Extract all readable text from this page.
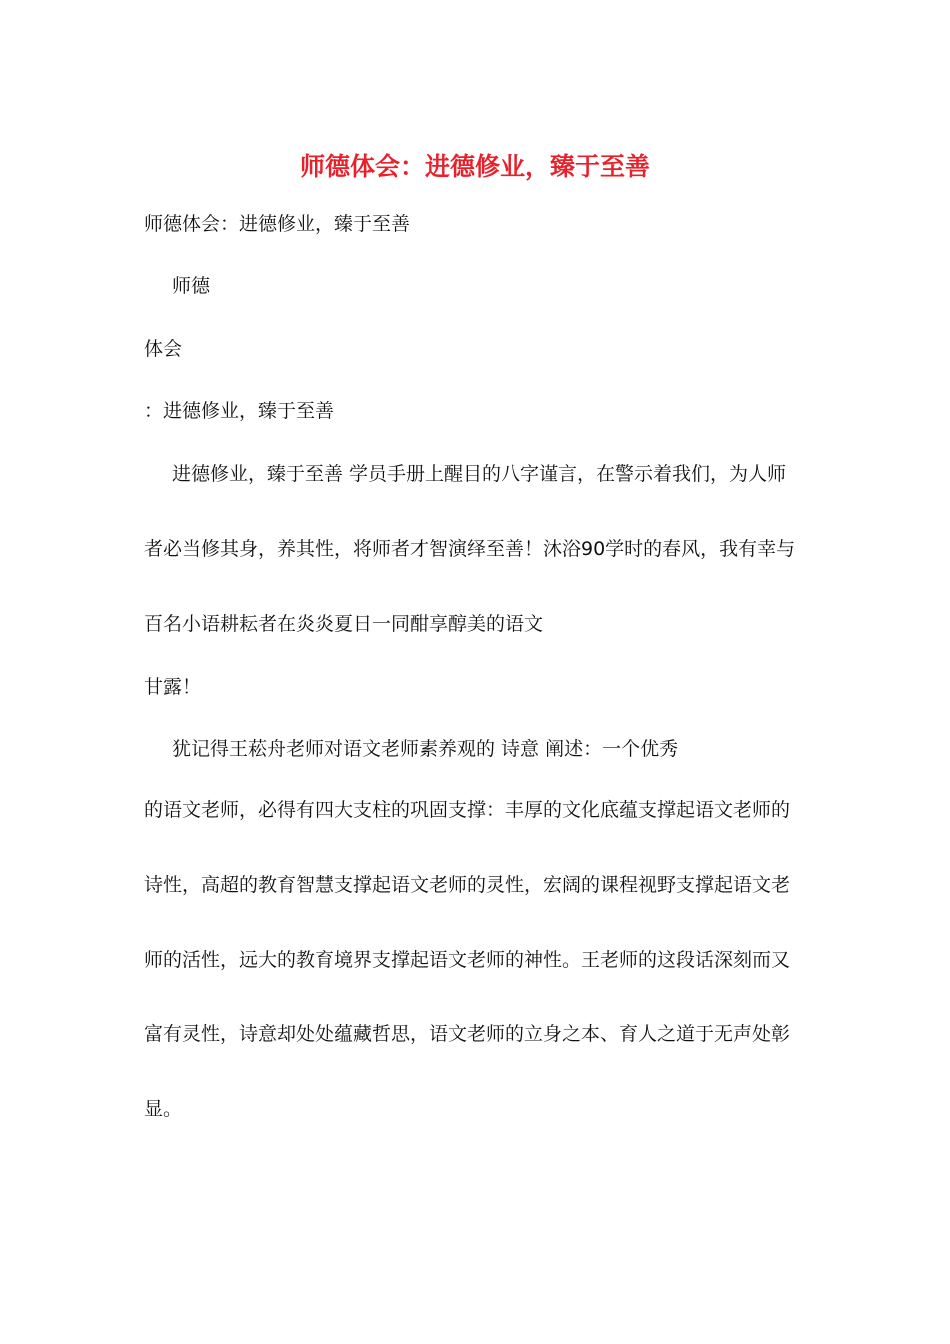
师德体会：进德修业，臻于至善
师德体会：进德修业，臻于至善
师德
体会
：进德修业，臻于至善
进德修业，臻于至善 学员手册上醒目的八字谨言，在警示着我们，为人师
者必当修其身，养其性，将师者才智演绎至善！沐浴90学时的春风，我有幸与
百名小语耕耘者在炎炎夏日一同酣享醇美的语文
甘露！
犹记得王菘舟老师对语文老师素养观的 诗意 阐述：一个优秀
的语文老师，必得有四大支柱的巩固支撑：丰厚的文化底蕴支撑起语文老师的
诗性，高超的教育智慧支撑起语文老师的灵性，宏阔的课程视野支撑起语文老
师的活性，远大的教育境界支撑起语文老师的神性。王老师的这段话深刻而又
富有灵性，诗意却处处蕴藏哲思，语文老师的立身之本、育人之道于无声处彰
显。
